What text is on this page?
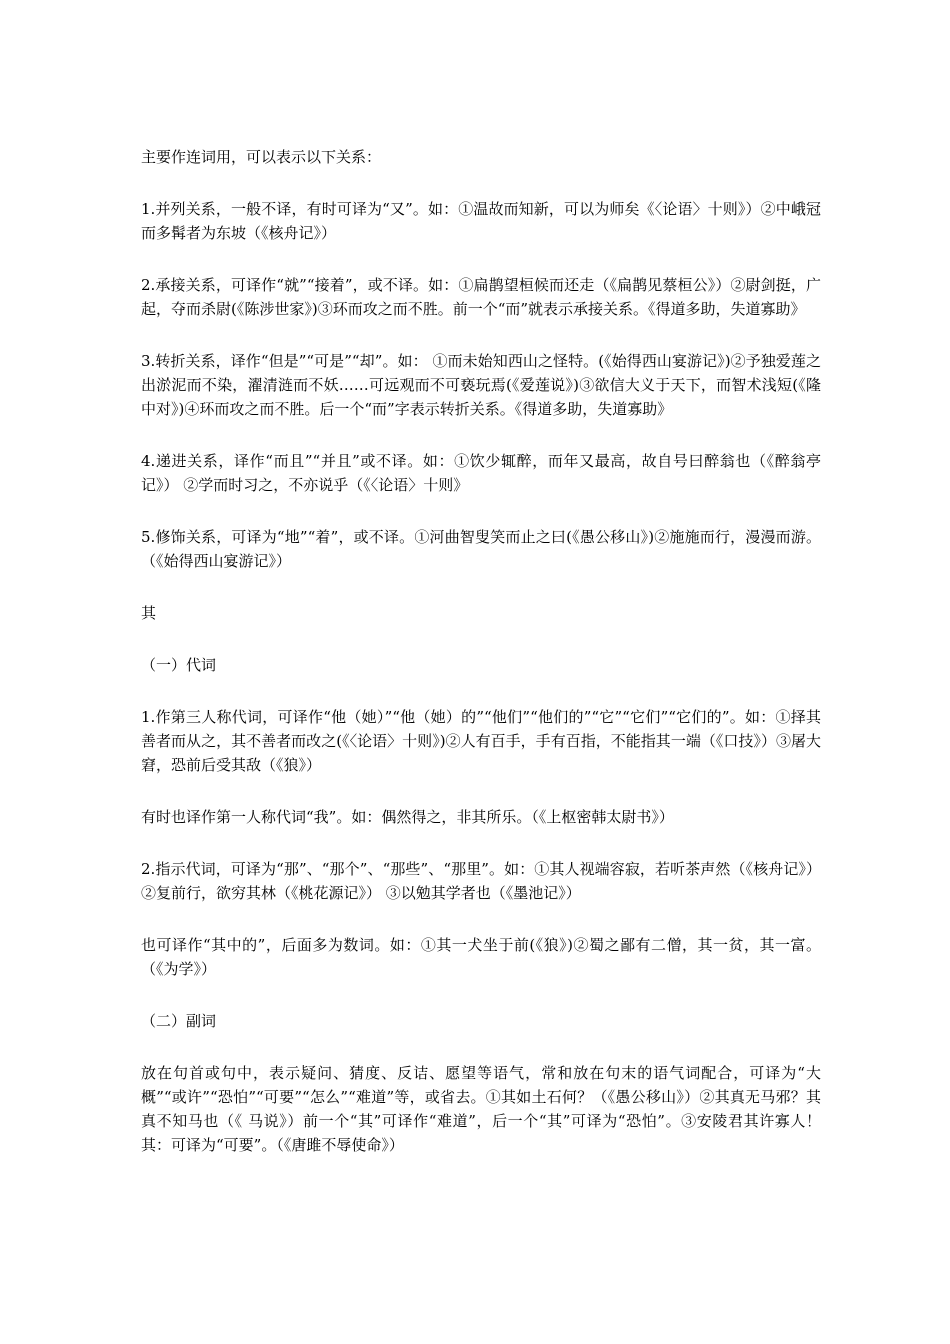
主要作连词用，可以表示以下关系：

1.并列关系，一般不译，有时可译为“又”。如：①温故而知新，可以为师矣《〈论语〉十则》）②中峨冠而多髯者为东坡（《核舟记》）

2.承接关系，可译作“就”“接着”，或不译。如：①扁鹊望桓候而还走（《扁鹊见蔡桓公》）②尉剑挺，广起，夺而杀尉(《陈涉世家》)③环而攻之而不胜。前一个“而”就表示承接关系。《得道多助，失道寡助》

3.转折关系，译作“但是”“可是”“却”。如： ①而未始知西山之怪特。(《始得西山宴游记》)②予独爱莲之出淤泥而不染，濯清涟而不妖……可远观而不可亵玩焉(《爱莲说》)③欲信大义于天下，而智术浅短(《隆中对》)④环而攻之而不胜。后一个“而”字表示转折关系。《得道多助，失道寡助》

4.递进关系，译作“而且”“并且”或不译。如：①饮少辄醉，而年又最高，故自号曰醉翁也（《醉翁亭记》） ②学而时习之，不亦说乎（《〈论语〉十则》

5.修饰关系，可译为“地”“着”，或不译。①河曲智叟笑而止之曰(《愚公移山》)②施施而行，漫漫而游。（《始得西山宴游记》）

其

（一）代词

1.作第三人称代词，可译作“他（她）”“他（她）的”“他们”“他们的”“它”“它们”“它们的”。如：①择其善者而从之，其不善者而改之(《〈论语〉十则》)②人有百手，手有百指，不能指其一端（《口技》）③屠大窘，恐前后受其敌（《狼》）

有时也译作第一人称代词“我”。如：偶然得之，非其所乐。（《上枢密韩太尉书》）

2.指示代词，可译为“那”、“那个”、“那些”、“那里”。如：①其人视端容寂，若听茶声然（《核舟记》）②复前行，欲穷其林（《桃花源记》） ③以勉其学者也（《墨池记》）

也可译作“其中的”，后面多为数词。如：①其一犬坐于前(《狼》)②蜀之鄙有二僧，其一贫，其一富。（《为学》）

（二）副词

放在句首或句中，表示疑问、猜度、反诘、愿望等语气，常和放在句末的语气词配合，可译为“大概”“或许”“恐怕”“可要”“怎么”“难道”等，或省去。①其如土石何？（《愚公移山》）②其真无马邪？其真不知马也（《 马说》）前一个“其”可译作“难道”，后一个“其”可译为“恐怕”。③安陵君其许寡人！其：可译为“可要”。（《唐雎不辱使命》）
